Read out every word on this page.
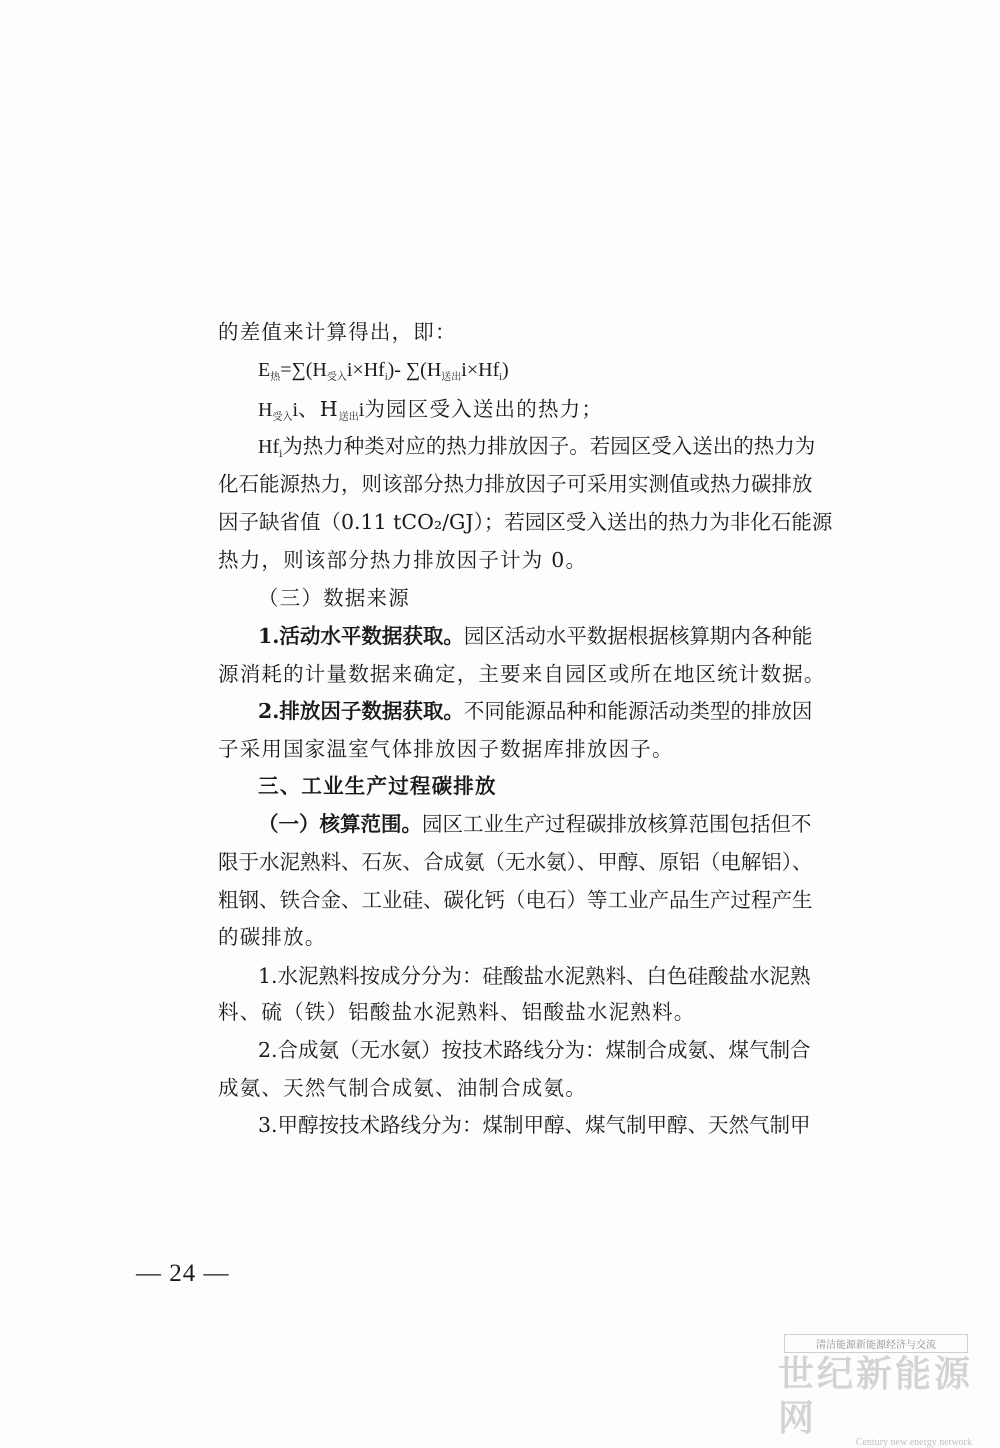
的差值来计算得出，即：
$E_热=\sum(H_{受入}i\times Hf_i)-$ $\sum(H_{送出}i\times Hf_i)$
$H_{受入}i$、$H_{送出}i$为园区受入送出的热力；
$Hf_i$为热力种类对应的热力排放因子。若园区受入送出的热力为
化石能源热力，则该部分热力排放因子可采用实测值或热力碳排放
因子缺省值（0.11 tCO₂/GJ）；若园区受入送出的热力为非化石能源
热力，则该部分热力排放因子计为 0。
（三）数据来源
1.活动水平数据获取。园区活动水平数据根据核算期内各种能
源消耗的计量数据来确定，主要来自园区或所在地区统计数据。
2.排放因子数据获取。不同能源品种和能源活动类型的排放因
子采用国家温室气体排放因子数据库排放因子。
三、工业生产过程碳排放
（一）核算范围。园区工业生产过程碳排放核算范围包括但不
限于水泥熟料、石灰、合成氨（无水氨）、甲醇、原铝（电解铝）、
粗钢、铁合金、工业硅、碳化钙（电石）等工业产品生产过程产生
的碳排放。
1.水泥熟料按成分分为：硅酸盐水泥熟料、白色硅酸盐水泥熟
料、硫（铁）铝酸盐水泥熟料、铝酸盐水泥熟料。
2.合成氨（无水氨）按技术路线分为：煤制合成氨、煤气制合
成氨、天然气制合成氨、油制合成氨。
3.甲醇按技术路线分为：煤制甲醇、煤气制甲醇、天然气制甲
— 24 —
清洁能源新能源经济与交流
世纪新能源网
Century new energy network
